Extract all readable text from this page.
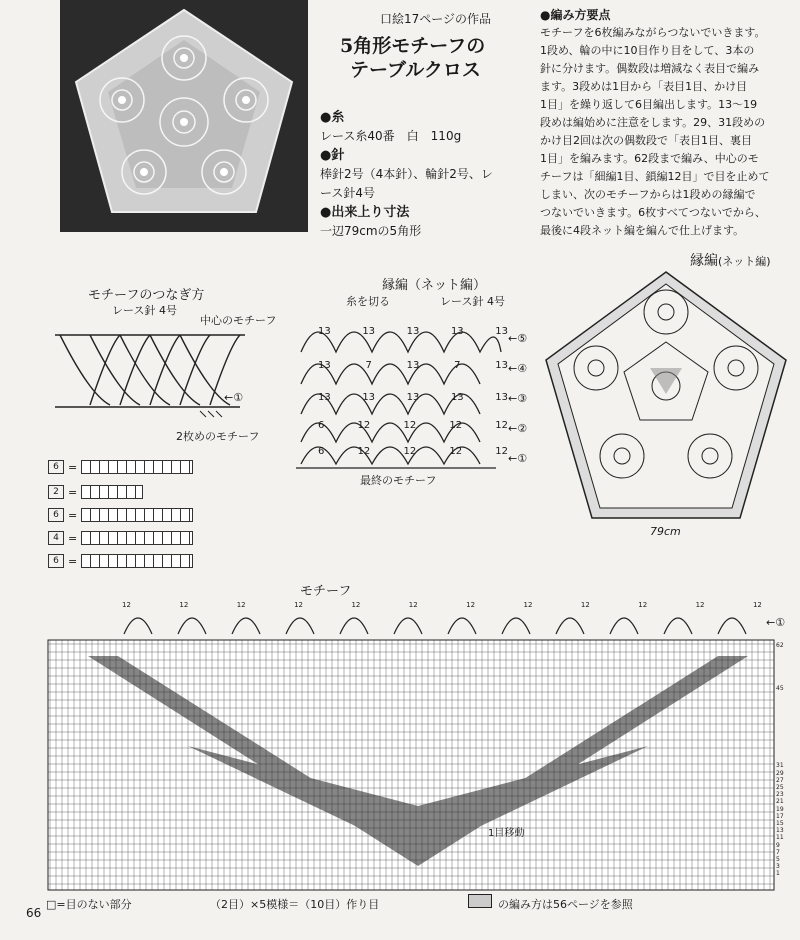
口絵17ページの作品
5角形モチーフの
テーブルクロス
●糸
レース糸40番　白　110g
●針
棒針2号（4本針）、輪針2号、レ
ース針4号
●出来上り寸法
一辺79cmの5角形
●編み方要点
モチーフを6枚編みながらつないでいきます。
1段め、輪の中に10目作り目をして、3本の
針に分けます。偶数段は増減なく表目で編み
ます。3段めは1目から「表目1目、かけ目
1目」を繰り返して6目編出します。13〜19
段めは編始めに注意をします。29、31段めの
かけ目2回は次の偶数段で「表目1目、裏目
1目」を編みます。62段まで編み、中心のモ
チーフは「細編1目、鎖編12目」で目を止めて
しまい、次のモチーフからは1段めの縁編で
つないでいきます。6枚すべてつないでから、
最後に4段ネット編を編んで仕上げます。
モチーフのつなぎ方
レース針 4号
中心のモチーフ
←①
2枚めのモチーフ
6 =
2 =
6 =
4 =
6 =
縁編（ネット編）
糸を切る	レース針 4号
13	13	13	13	13
13	7	13	7	13
13	13	13	13	13
6	12	12	12	12
6	12	12	12	12
←⑤
←④
←③
←②
←①
最終のモチーフ
縁編(ネット編)
79cm
モチーフ
12	12	12	12	12	12	12	12	12	12	12	12
←①
1目移動
62
45
31
29
27
25
23
21
19
17
15
13
11
9
7
5
3
1
□=目のない部分	（2目）×5模様＝（10目）作り目	の編み方は56ページを参照
66
